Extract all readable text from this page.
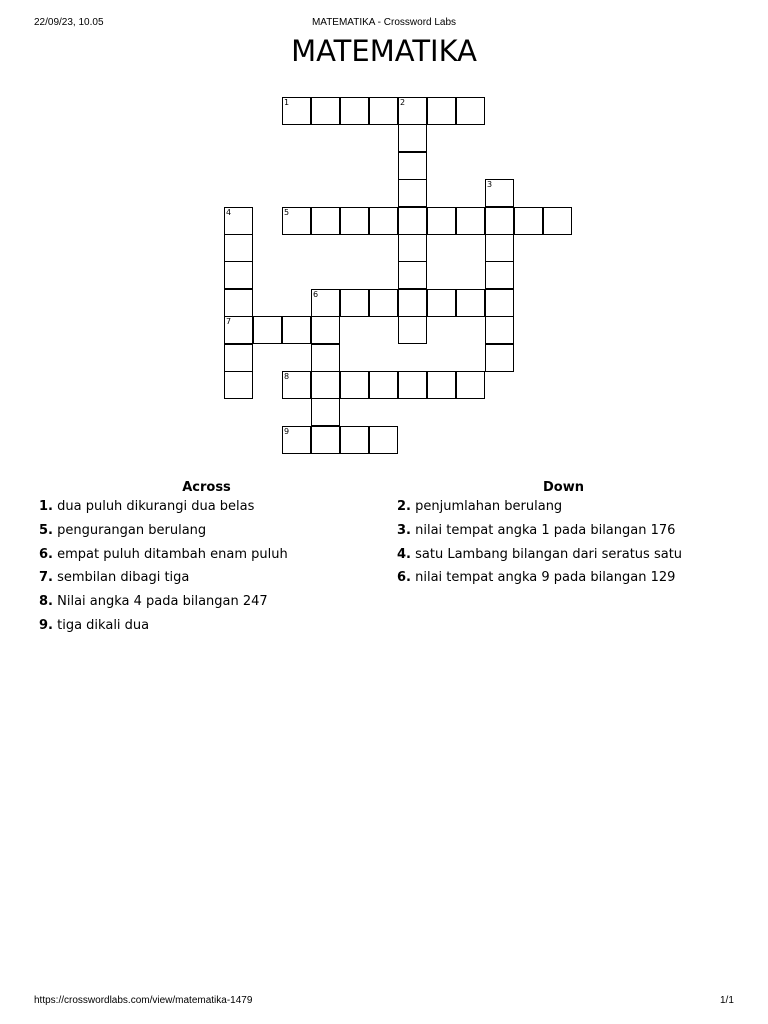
22/09/23, 10.05	MATEMATIKA - Crossword Labs
MATEMATIKA
1	2
3
4
7
5
6
8
9
Across
1. dua puluh dikurangi dua belas
5. pengurangan berulang
6. empat puluh ditambah enam puluh
7. sembilan dibagi tiga
8. Nilai angka 4 pada bilangan 247
9. tiga dikali dua
Down
2. penjumlahan berulang
3. nilai tempat angka 1 pada bilangan 176
4. satu Lambang bilangan dari seratus satu
6. nilai tempat angka 9 pada bilangan 129
https://crosswordlabs.com/view/matematika-1479	1/1
